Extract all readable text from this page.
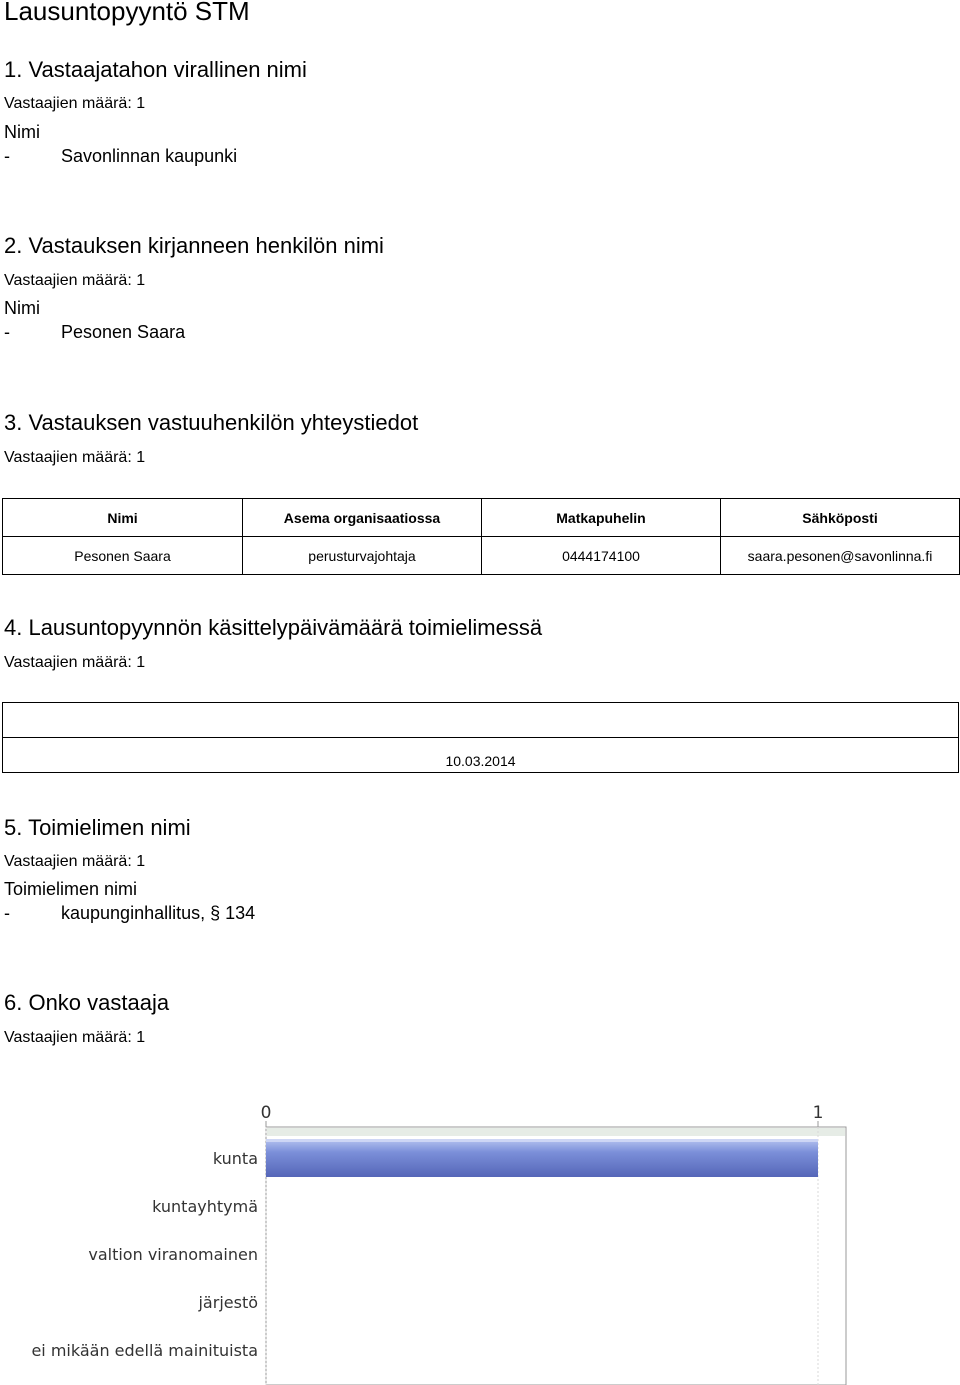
Lausuntopyyntö STM
1. Vastaajatahon virallinen nimi
Vastaajien määrä: 1
Nimi
-	Savonlinnan kaupunki
2. Vastauksen kirjanneen henkilön nimi
Vastaajien määrä: 1
Nimi
-	Pesonen Saara
3. Vastauksen vastuuhenkilön yhteystiedot
Vastaajien määrä: 1
Nimi	Asema organisaatiossa	Matkapuhelin	Sähköposti
Pesonen Saara	perusturvajohtaja	0444174100	saara.pesonen@savonlinna.fi
4. Lausuntopyynnön käsittelypäivämäärä toimielimessä
Vastaajien määrä: 1

10.03.2014
5. Toimielimen nimi
Vastaajien määrä: 1
Toimielimen nimi
-	kaupunginhallitus, § 134
6. Onko vastaaja
Vastaajien määrä: 1
0	1
kunta
kuntayhtymä
valtion viranomainen
järjestö
ei mikään edellä mainituista
